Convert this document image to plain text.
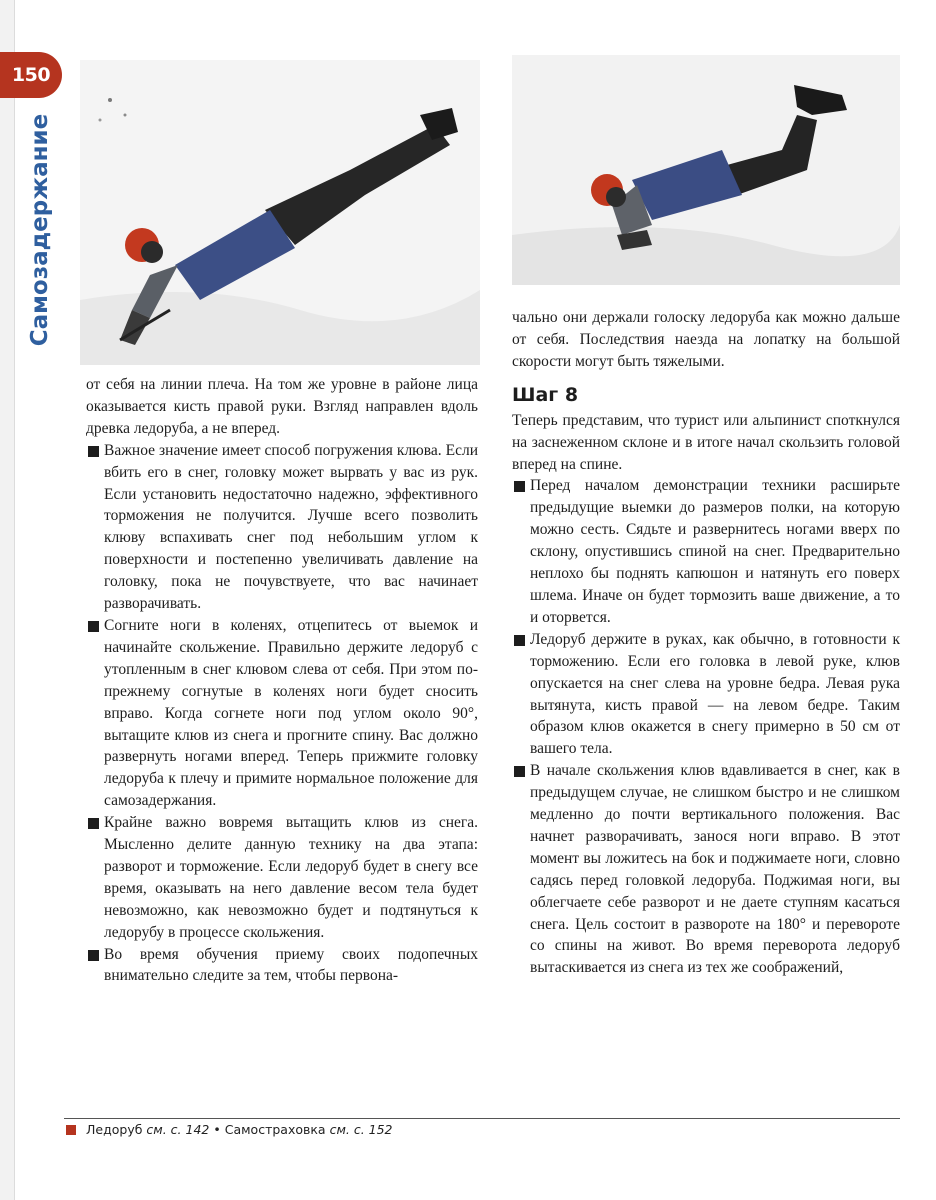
150
Самозадержание

от себя на линии плеча. На том же уровне в районе лица оказывается кисть правой руки. Взгляд направлен вдоль древка ледоруба, а не вперед.

Важное значение имеет способ погружения клюва. Если вбить его в снег, головку может вырвать у вас из рук. Если установить недостаточно надежно, эффективного торможения не получится. Лучше всего позволить клюву вспахивать снег под небольшим углом к поверхности и постепенно увеличивать давление на головку, пока не почувствуете, что вас начинает разворачивать.
Согните ноги в коленях, отцепитесь от выемок и начинайте скольжение. Правильно держите ледоруб с утопленным в снег клювом слева от себя. При этом по-прежнему согнутые в коленях ноги будет сносить вправо. Когда согнете ноги под углом около 90°, вытащите клюв из снега и прогните спину. Вас должно развернуть ногами вперед. Теперь прижмите головку ледоруба к плечу и примите нормальное положение для самозадержания.
Крайне важно вовремя вытащить клюв из снега. Мысленно делите данную технику на два этапа: разворот и торможение. Если ледоруб будет в снегу все время, оказывать на него давление весом тела будет невозможно, как невозможно будет и подтянуться к ледорубу в процессе скольжения.
Во время обучения приему своих подопечных внимательно следите за тем, чтобы первона-

чально они держали голоску ледоруба как можно дальше от себя. Последствия наезда на лопатку на большой скорости могут быть тяжелыми.

Шаг 8

Теперь представим, что турист или альпинист споткнулся на заснеженном склоне и в итоге начал скользить головой вперед на спине.

Перед началом демонстрации техники расширьте предыдущие выемки до размеров полки, на которую можно сесть. Сядьте и развернитесь ногами вверх по склону, опустившись спиной на снег. Предварительно неплохо бы поднять капюшон и натянуть его поверх шлема. Иначе он будет тормозить ваше движение, а то и оторвется.
Ледоруб держите в руках, как обычно, в готовности к торможению. Если его головка в левой руке, клюв опускается на снег слева на уровне бедра. Левая рука вытянута, кисть правой — на левом бедре. Таким образом клюв окажется в снегу примерно в 50 см от вашего тела.
В начале скольжения клюв вдавливается в снег, как в предыдущем случае, не слишком быстро и не слишком медленно до почти вертикального положения. Вас начнет разворачивать, занося ноги вправо. В этот момент вы ложитесь на бок и поджимаете ноги, словно садясь перед головкой ледоруба. Поджимая ноги, вы облегчаете себе разворот и не даете ступням касаться снега. Цель состоит в развороте на 180° и перевороте со спины на живот. Во время переворота ледоруб вытаскивается из снега из тех же соображений,
Ледоруб см. с. 142 • Самостраховка см. с. 152
